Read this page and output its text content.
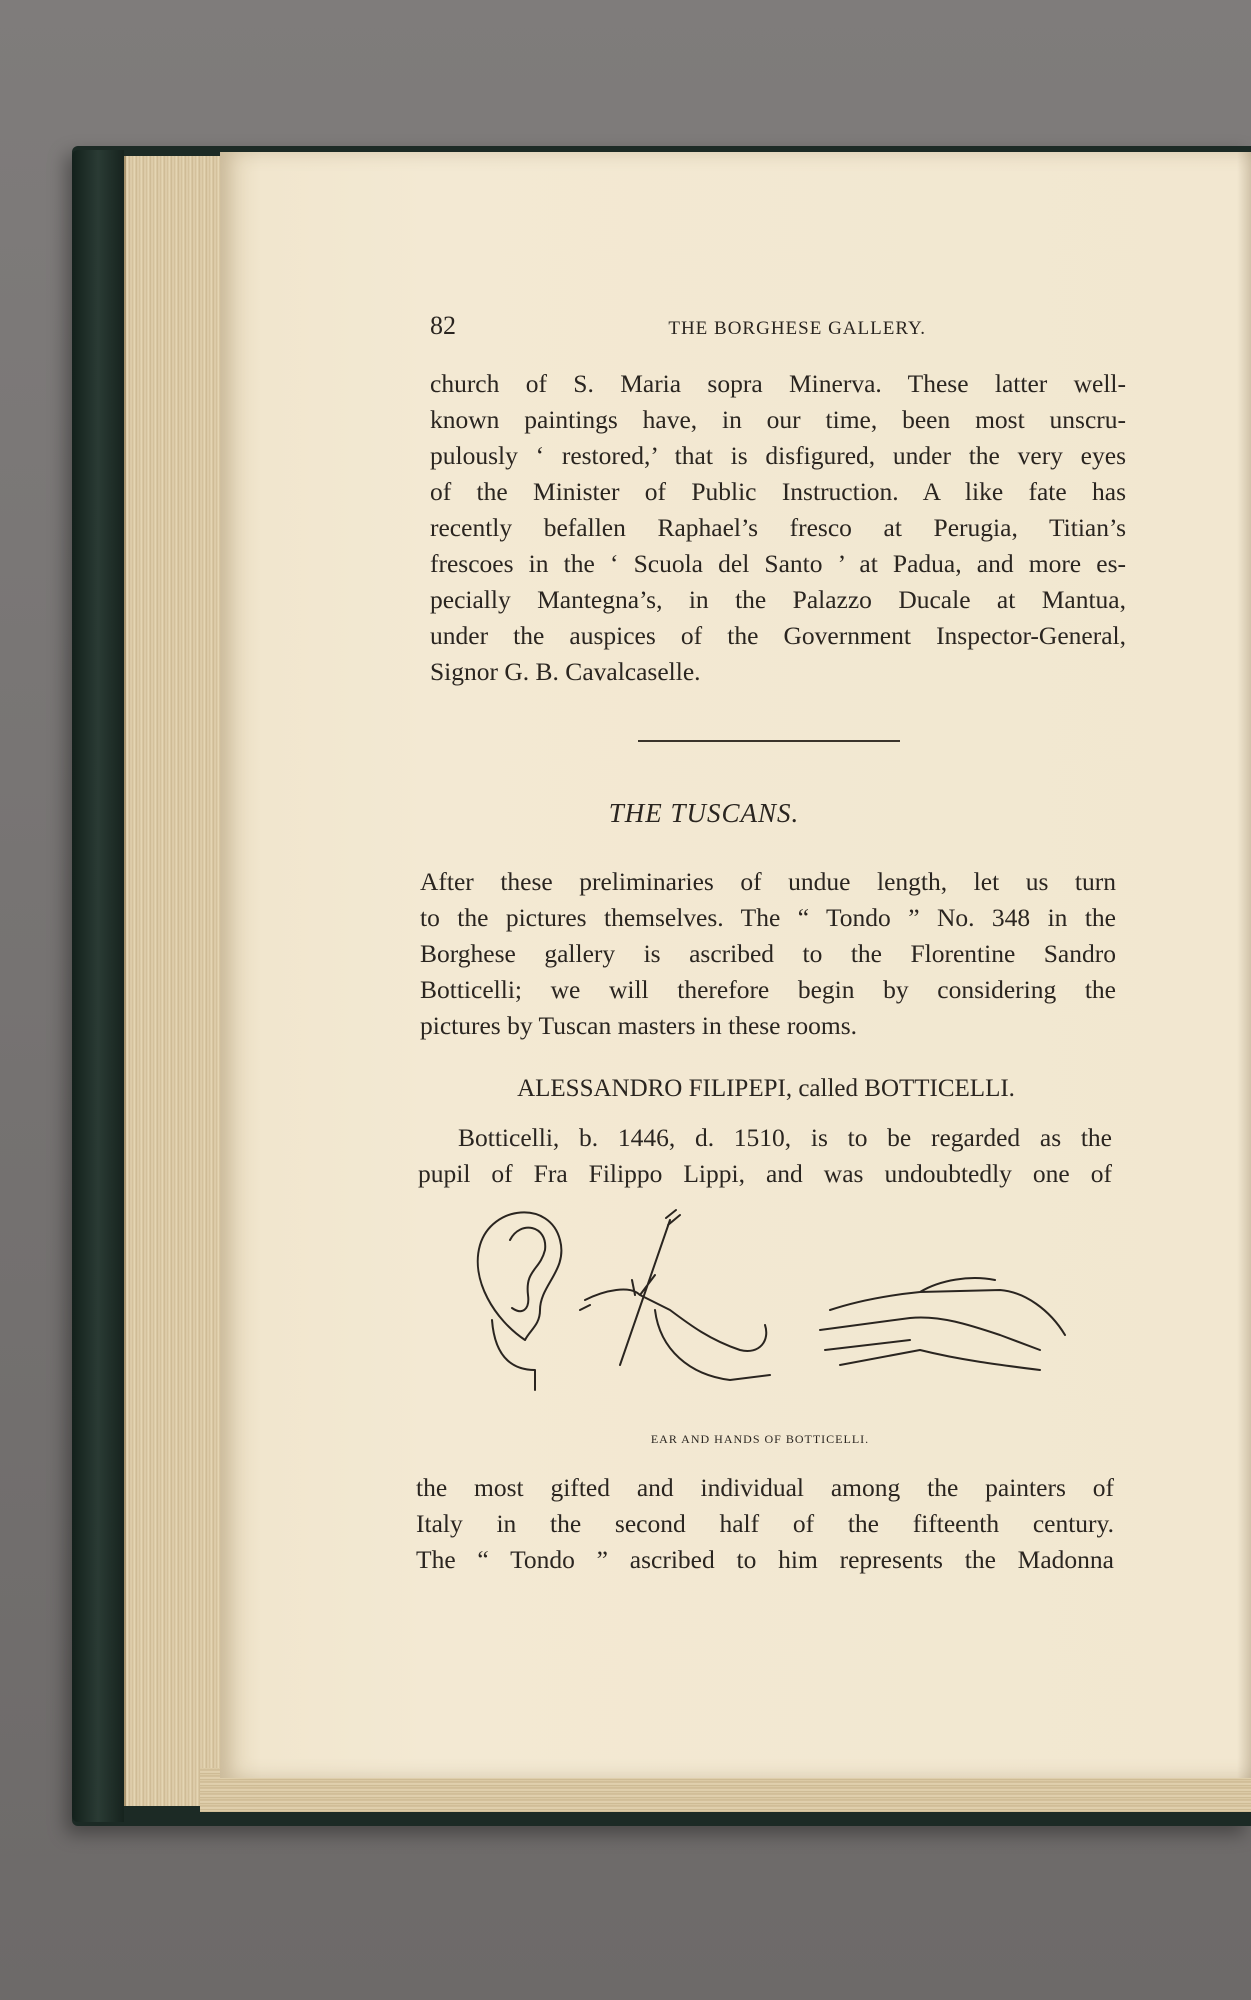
82	THE BORGHESE GALLERY.
church of S. Maria sopra Minerva. These latter well-
known paintings have, in our time, been most unscru-
pulously ‘ restored,’ that is disfigured, under the very eyes
of the Minister of Public Instruction. A like fate has
recently befallen Raphael’s fresco at Perugia, Titian’s
frescoes in the ‘ Scuola del Santo ’ at Padua, and more es-
pecially Mantegna’s, in the Palazzo Ducale at Mantua,
under the auspices of the Government Inspector-General,
Signor G. B. Cavalcaselle.
THE TUSCANS.
After these preliminaries of undue length, let us turn
to the pictures themselves. The “ Tondo ” No. 348 in the
Borghese gallery is ascribed to the Florentine Sandro
Botticelli; we will therefore begin by considering the
pictures by Tuscan masters in these rooms.
ALESSANDRO FILIPEPI, called BOTTICELLI.
Botticelli, b. 1446, d. 1510, is to be regarded as the
pupil of Fra Filippo Lippi, and was undoubtedly one of
EAR AND HANDS OF BOTTICELLI.
the most gifted and individual among the painters of
Italy in the second half of the fifteenth century.
The “ Tondo ” ascribed to him represents the Madonna
